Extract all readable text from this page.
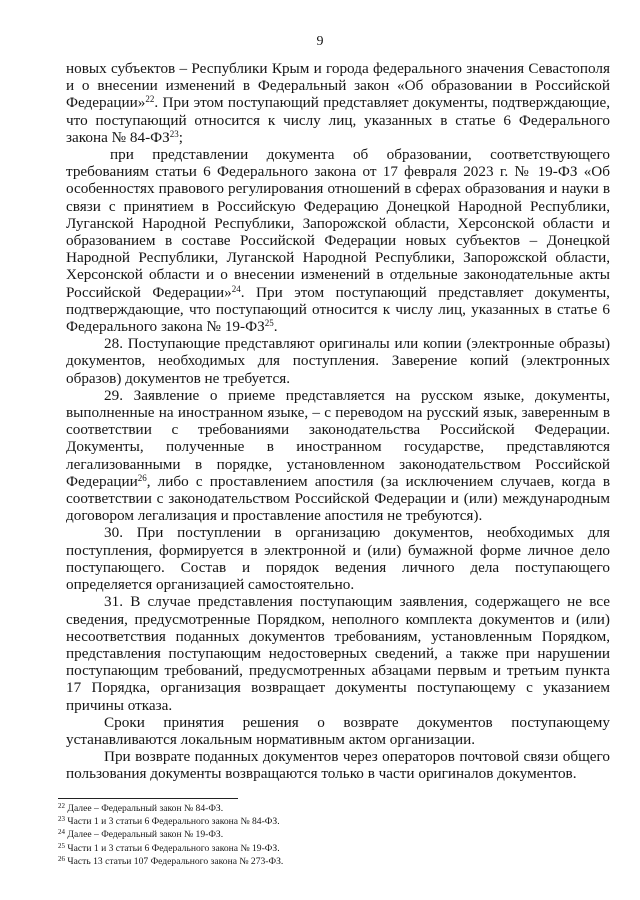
9

новых субъектов – Республики Крым и города федерального значения Севастополя и о внесении изменений в Федеральный закон «Об образовании в Российской Федерации»$^{22}$. При этом поступающий представляет документы, подтверждающие, что поступающий относится к числу лиц, указанных в статье 6 Федерального закона № 84-ФЗ$^{23}$;

при представлении документа об образовании, соответствующего требованиям статьи 6 Федерального закона от 17 февраля 2023 г. № 19-ФЗ «Об особенностях правового регулирования отношений в сферах образования и науки в связи с принятием в Российскую Федерацию Донецкой Народной Республики, Луганской Народной Республики, Запорожской области, Херсонской области и образованием в составе Российской Федерации новых субъектов – Донецкой Народной Республики, Луганской Народной Республики, Запорожской области, Херсонской области и о внесении изменений в отдельные законодательные акты Российской Федерации»$^{24}$. При этом поступающий представляет документы, подтверждающие, что поступающий относится к числу лиц, указанных в статье 6 Федерального закона № 19-ФЗ$^{25}$.

28. Поступающие представляют оригиналы или копии (электронные образы) документов, необходимых для поступления. Заверение копий (электронных образов) документов не требуется.

29. Заявление о приеме представляется на русском языке, документы, выполненные на иностранном языке, – с переводом на русский язык, заверенным в соответствии с требованиями законодательства Российской Федерации. Документы, полученные в иностранном государстве, представляются легализованными в порядке, установленном законодательством Российской Федерации$^{26}$, либо с проставлением апостиля (за исключением случаев, когда в соответствии с законодательством Российской Федерации и (или) международным договором легализация и проставление апостиля не требуются).

30. При поступлении в организацию документов, необходимых для поступления, формируется в электронной и (или) бумажной форме личное дело поступающего. Состав и порядок ведения личного дела поступающего определяется организацией самостоятельно.

31. В случае представления поступающим заявления, содержащего не все сведения, предусмотренные Порядком, неполного комплекта документов и (или) несоответствия поданных документов требованиям, установленным Порядком, представления поступающим недостоверных сведений, а также при нарушении поступающим требований, предусмотренных абзацами первым и третьим пункта 17 Порядка, организация возвращает документы поступающему с указанием причины отказа.

Сроки принятия решения о возврате документов поступающему устанавливаются локальным нормативным актом организации.

При возврате поданных документов через операторов почтовой связи общего пользования документы возвращаются только в части оригиналов документов.

$^{22}$ Далее – Федеральный закон № 84-ФЗ.

$^{23}$ Части 1 и 3 статьи 6 Федерального закона № 84-ФЗ.

$^{24}$ Далее – Федеральный закон № 19-ФЗ.

$^{25}$ Части 1 и 3 статьи 6 Федерального закона № 19-ФЗ.

$^{26}$ Часть 13 статьи 107 Федерального закона № 273-ФЗ.
